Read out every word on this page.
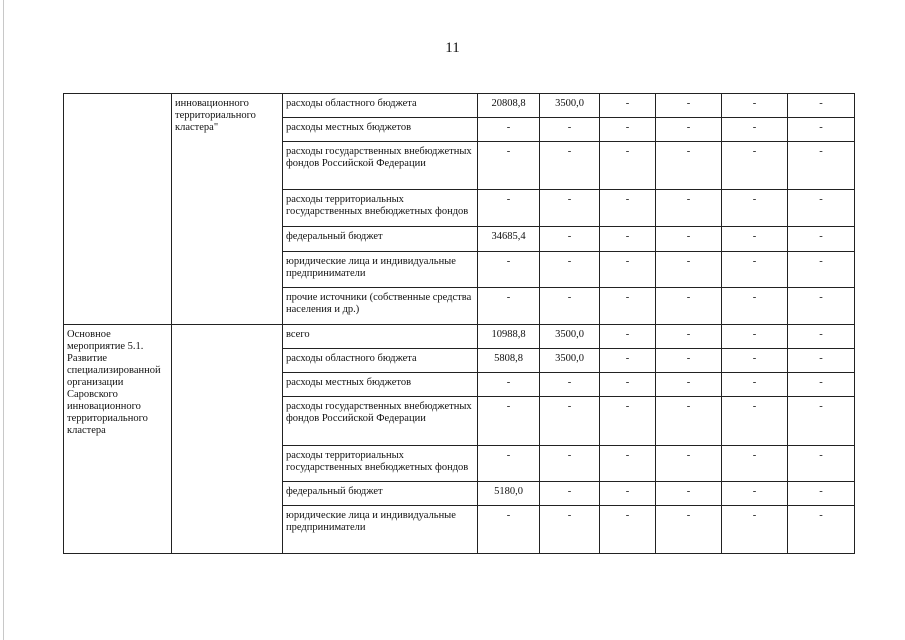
11
	инновационного территориального кластера"	расходы областного бюджета	20808,8	3500,0	-	-	-	-
		расходы местных бюджетов	-	-	-	-	-	-
		расходы государственных внебюджетных фондов Российской Федерации	-	-	-	-	-	-
		расходы территориальных государственных внебюджетных фондов	-	-	-	-	-	-
		федеральный бюджет	34685,4	-	-	-	-	-
		юридические лица и индивидуальные предприниматели	-	-	-	-	-	-
		прочие источники (собственные средства населения и др.)	-	-	-	-	-	-
Основное мероприятие 5.1. Развитие специализированной организации Саровского инновационного территориального кластера		всего	10988,8	3500,0	-	-	-	-
		расходы областного бюджета	5808,8	3500,0	-	-	-	-
		расходы местных бюджетов	-	-	-	-	-	-
		расходы государственных внебюджетных фондов Российской Федерации	-	-	-	-	-	-
		расходы территориальных государственных внебюджетных фондов	-	-	-	-	-	-
		федеральный бюджет	5180,0	-	-	-	-	-
		юридические лица и индивидуальные предприниматели	-	-	-	-	-	-
